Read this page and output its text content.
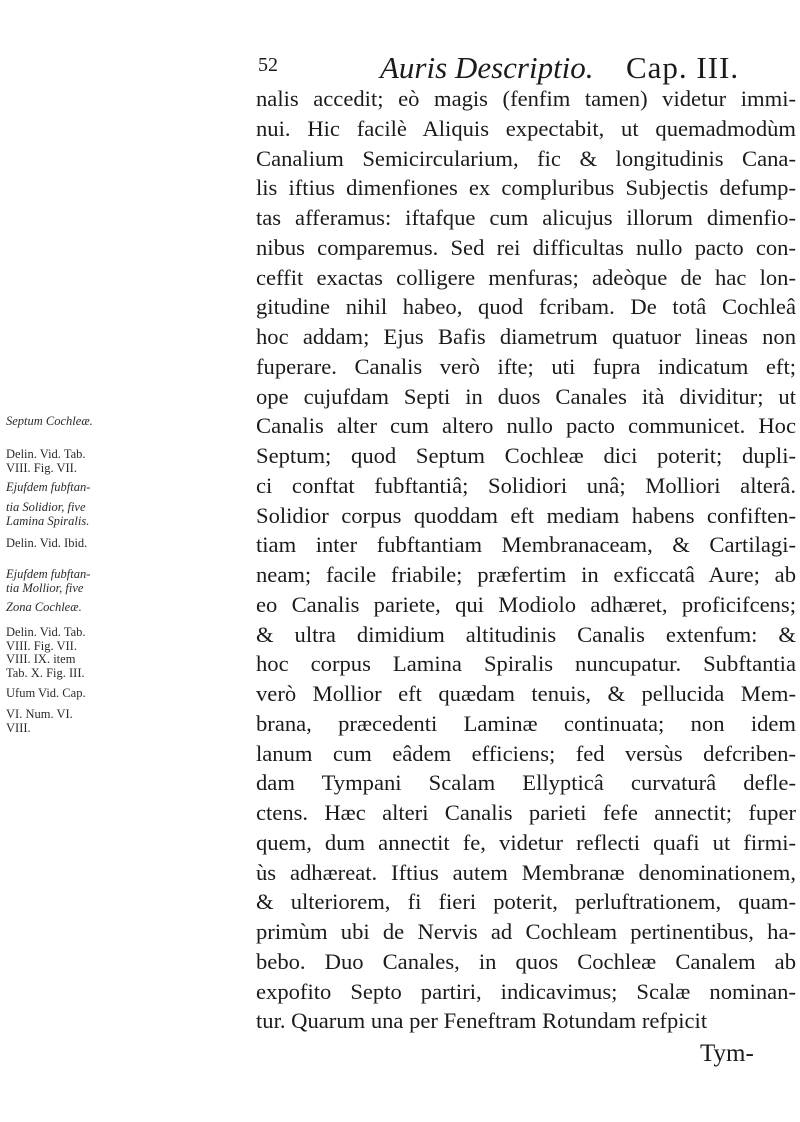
52	Auris Descriptio. Cap. III.
nalis accedit; eò magis (fenfim tamen) videtur immi-
nui. Hic facilè Aliquis expectabit, ut quemadmodùm
Canalium Semicircularium, fic & longitudinis Cana-
lis iftius dimenfiones ex compluribus Subjectis defump-
tas afferamus: iftafque cum alicujus illorum dimenfio-
nibus comparemus. Sed rei difficultas nullo pacto con-
ceffit exactas colligere menfuras; adeòque de hac lon-
gitudine nihil habeo, quod fcribam. De totâ Cochleâ
hoc addam; Ejus Bafis diametrum quatuor lineas non
fuperare. Canalis verò ifte; uti fupra indicatum eft;
ope cujufdam Septi in duos Canales ità dividitur; ut
Canalis alter cum altero nullo pacto communicet. Hoc
Septum; quod Septum Cochleæ dici poterit; dupli-
ci conftat fubftantiâ; Solidiori unâ; Molliori alterâ.
Solidior corpus quoddam eft mediam habens confiften-
tiam inter fubftantiam Membranaceam, & Cartilagi-
neam; facile friabile; præfertim in exficcatâ Aure; ab
eo Canalis pariete, qui Modiolo adhæret, proficifcens;
& ultra dimidium altitudinis Canalis extenfum: &
hoc corpus Lamina Spiralis nuncupatur. Subftantia
verò Mollior eft quædam tenuis, & pellucida Mem-
brana, præcedenti Laminæ continuata; non idem
lanum cum eâdem efficiens; fed versùs defcriben-
dam Tympani Scalam Ellypticâ curvaturâ defle-
ctens. Hæc alteri Canalis parieti fefe annectit; fuper
quem, dum annectit fe, videtur reflecti quafi ut firmi-
ùs adhæreat. Iftius autem Membranæ denominationem,
& ulteriorem, fi fieri poterit, perluftrationem, quam-
primùm ubi de Nervis ad Cochleam pertinentibus, ha-
bebo. Duo Canales, in quos Cochleæ Canalem ab
expofito Septo partiri, indicavimus; Scalæ nominan-
tur. Quarum una per Feneftram Rotundam refpicit
Septum Cochleæ.
Delin. Vid. Tab.
VIII. Fig. VII.
Ejufdem fubftan-
tia Solidior, five
Lamina Spiralis.
Delin. Vid. Ibid.
Ejufdem fubftan-
tia Mollior, five
Zona Cochleæ.
Delin. Vid. Tab.
VIII. Fig. VII.
VIII. IX. item
Tab. X. Fig. III.
Ufum Vid. Cap.
VI. Num. VI.
VIII.
Tym-
